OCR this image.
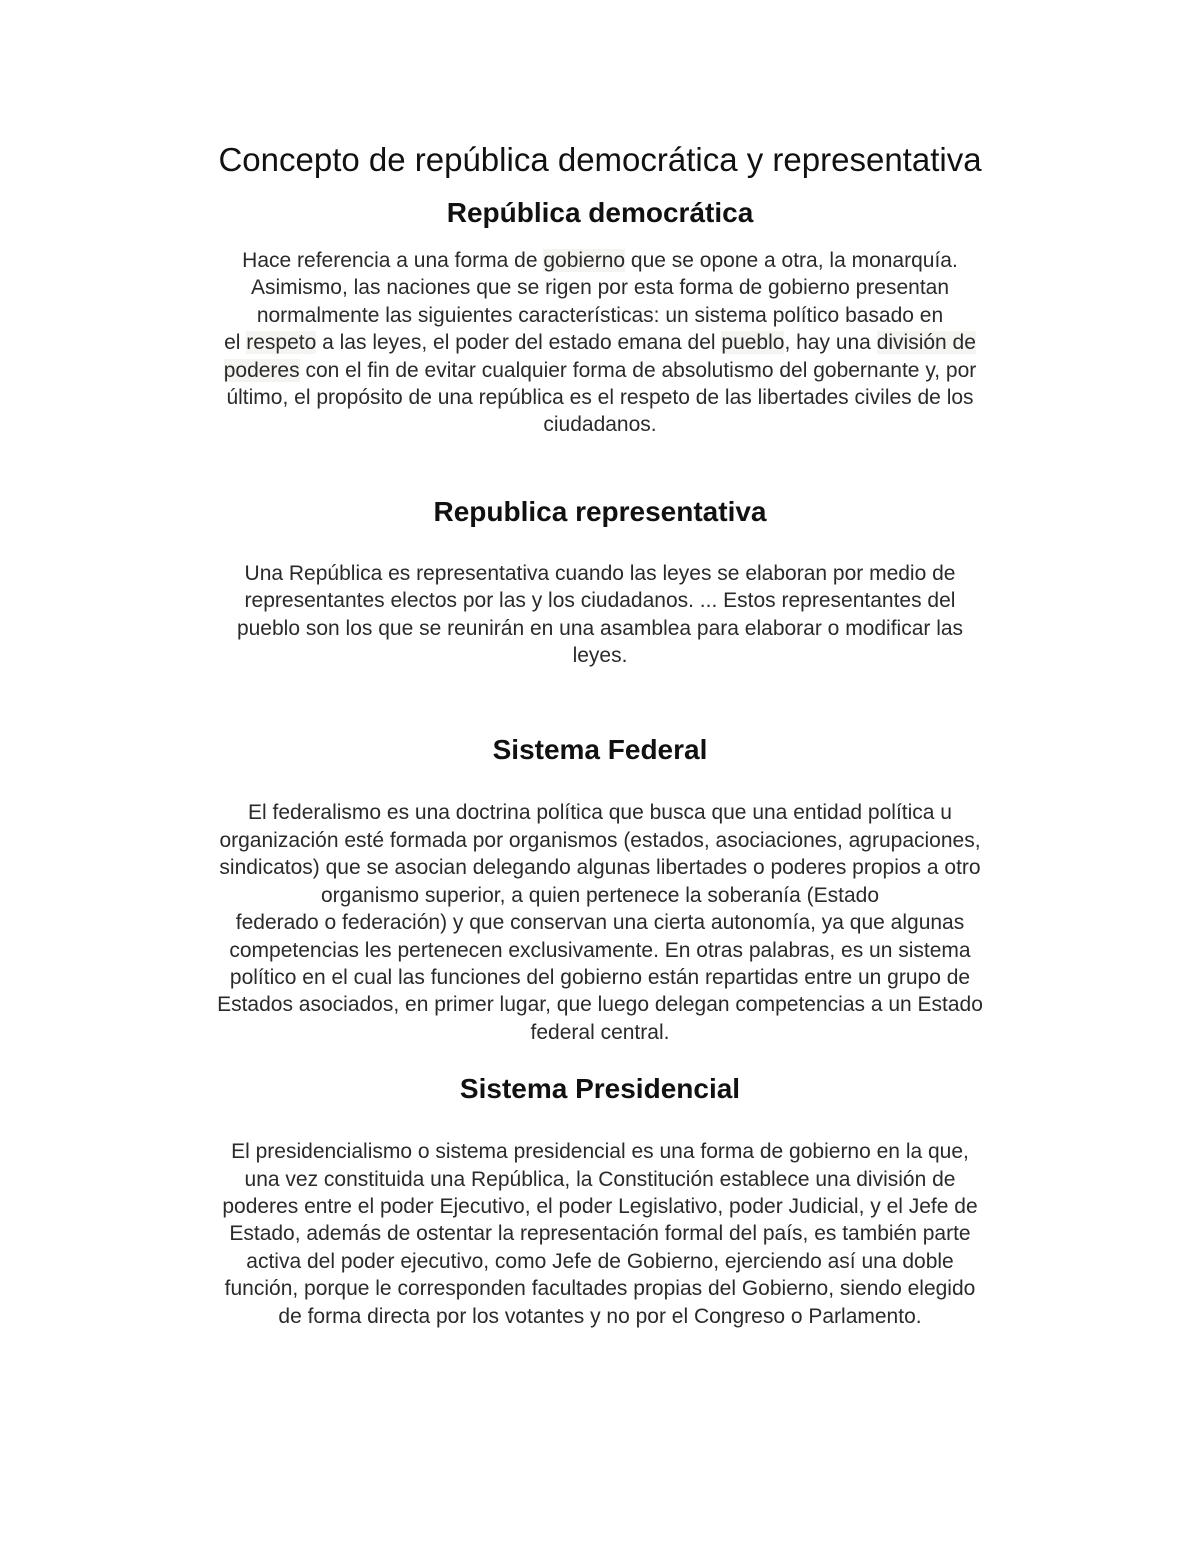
Concepto de república democrática y representativa
República democrática

Hace referencia a una forma de gobierno que se opone a otra, la monarquía.
Asimismo, las naciones que se rigen por esta forma de gobierno presentan
normalmente las siguientes características: un sistema político basado en
el respeto a las leyes, el poder del estado emana del pueblo, hay una división de
poderes con el fin de evitar cualquier forma de absolutismo del gobernante y, por
último, el propósito de una república es el respeto de las libertades civiles de los
ciudadanos.

Republica representativa

Una República es representativa cuando las leyes se elaboran por medio de
representantes electos por las y los ciudadanos. ... Estos representantes del
pueblo son los que se reunirán en una asamblea para elaborar o modificar las
leyes.

Sistema Federal

El federalismo es una doctrina política que busca que una entidad política u
organización esté formada por organismos (estados, asociaciones, agrupaciones,
sindicatos) que se asocian delegando algunas libertades o poderes propios a otro
organismo superior, a quien pertenece la soberanía (Estado
federado o federación) y que conservan una cierta autonomía, ya que algunas
competencias les pertenecen exclusivamente. En otras palabras, es un sistema
político en el cual las funciones del gobierno están repartidas entre un grupo de
Estados asociados, en primer lugar, que luego delegan competencias a un Estado
federal central.

Sistema Presidencial

El presidencialismo o sistema presidencial es una forma de gobierno en la que,
una vez constituida una República, la Constitución establece una división de
poderes entre el poder Ejecutivo, el poder Legislativo, poder Judicial, y el Jefe de
Estado, además de ostentar la representación formal del país, es también parte
activa del poder ejecutivo, como Jefe de Gobierno, ejerciendo así una doble
función, porque le corresponden facultades propias del Gobierno, siendo elegido
de forma directa por los votantes y no por el Congreso o Parlamento.
